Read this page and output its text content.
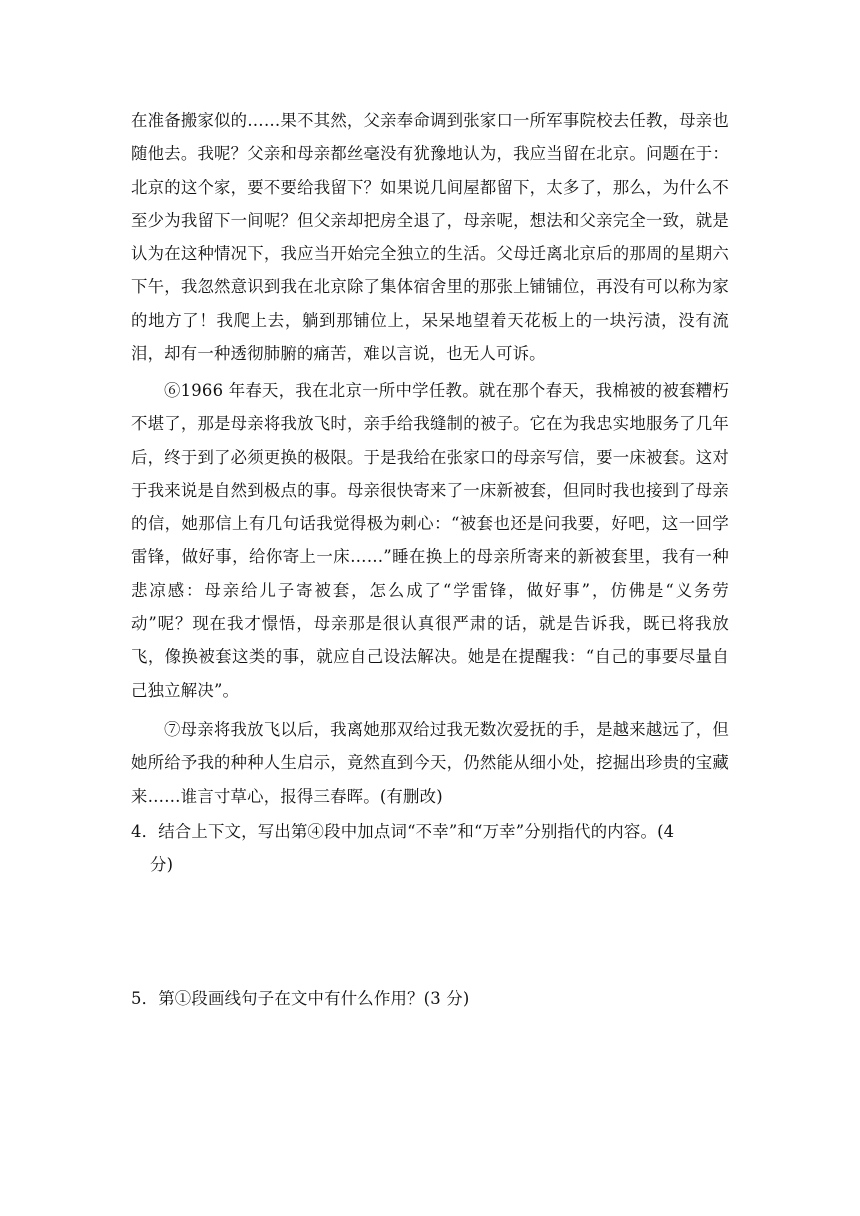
在准备搬家似的……果不其然，父亲奉命调到张家口一所军事院校去任教，母亲也随他去。我呢？父亲和母亲都丝毫没有犹豫地认为，我应当留在北京。问题在于：北京的这个家，要不要给我留下？如果说几间屋都留下，太多了，那么，为什么不至少为我留下一间呢？但父亲却把房全退了，母亲呢，想法和父亲完全一致，就是认为在这种情况下，我应当开始完全独立的生活。父母迁离北京后的那周的星期六下午，我忽然意识到我在北京除了集体宿舍里的那张上铺铺位，再没有可以称为家的地方了！我爬上去，躺到那铺位上，呆呆地望着天花板上的一块污渍，没有流泪，却有一种透彻肺腑的痛苦，难以言说，也无人可诉。
⑥1966 年春天，我在北京一所中学任教。就在那个春天，我棉被的被套糟朽不堪了，那是母亲将我放飞时，亲手给我缝制的被子。它在为我忠实地服务了几年后，终于到了必须更换的极限。于是我给在张家口的母亲写信，要一床被套。这对于我来说是自然到极点的事。母亲很快寄来了一床新被套，但同时我也接到了母亲的信，她那信上有几句话我觉得极为刺心：“被套也还是问我要，好吧，这一回学雷锋，做好事，给你寄上一床……”睡在换上的母亲所寄来的新被套里，我有一种悲凉感：母亲给儿子寄被套，怎么成了“学雷锋，做好事”，仿佛是“义务劳动”呢？现在我才憬悟，母亲那是很认真很严肃的话，就是告诉我，既已将我放飞，像换被套这类的事，就应自己设法解决。她是在提醒我：“自己的事要尽量自己独立解决”。
⑦母亲将我放飞以后，我离她那双给过我无数次爱抚的手，是越来越远了，但她所给予我的种种人生启示，竟然直到今天，仍然能从细小处，挖掘出珍贵的宝藏来……谁言寸草心，报得三春晖。(有删改)
4．结合上下文，写出第④段中加点词“不幸”和“万幸”分别指代的内容。(4
分)
5．第①段画线句子在文中有什么作用？(3 分)
